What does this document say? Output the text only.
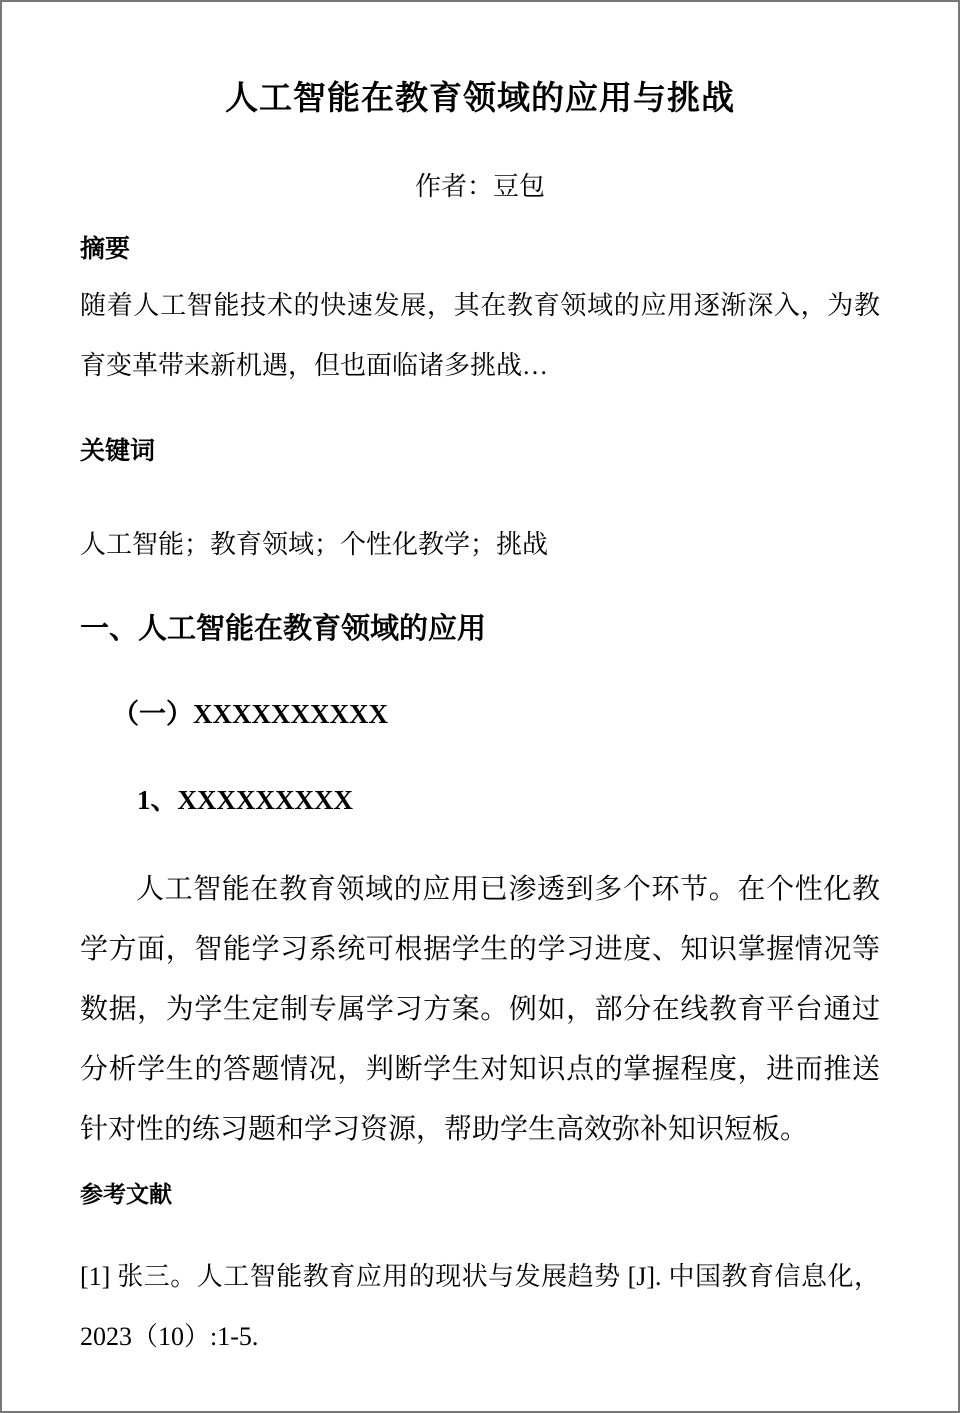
人工智能在教育领域的应用与挑战

作者：豆包

摘要

随着人工智能技术的快速发展，其在教育领域的应用逐渐深入，为教育变革带来新机遇，但也面临诸多挑战…

关键词

人工智能；教育领域；个性化教学；挑战

一、人工智能在教育领域的应用
（一）XXXXXXXXXX
1、XXXXXXXXX

人工智能在教育领域的应用已渗透到多个环节。在个性化教学方面，智能学习系统可根据学生的学习进度、知识掌握情况等数据，为学生定制专属学习方案。例如，部分在线教育平台通过分析学生的答题情况，判断学生对知识点的掌握程度，进而推送针对性的练习题和学习资源，帮助学生高效弥补知识短板。

参考文献

[1] 张三。人工智能教育应用的现状与发展趋势 [J]. 中国教育信息化，2023（10）:1-5.
